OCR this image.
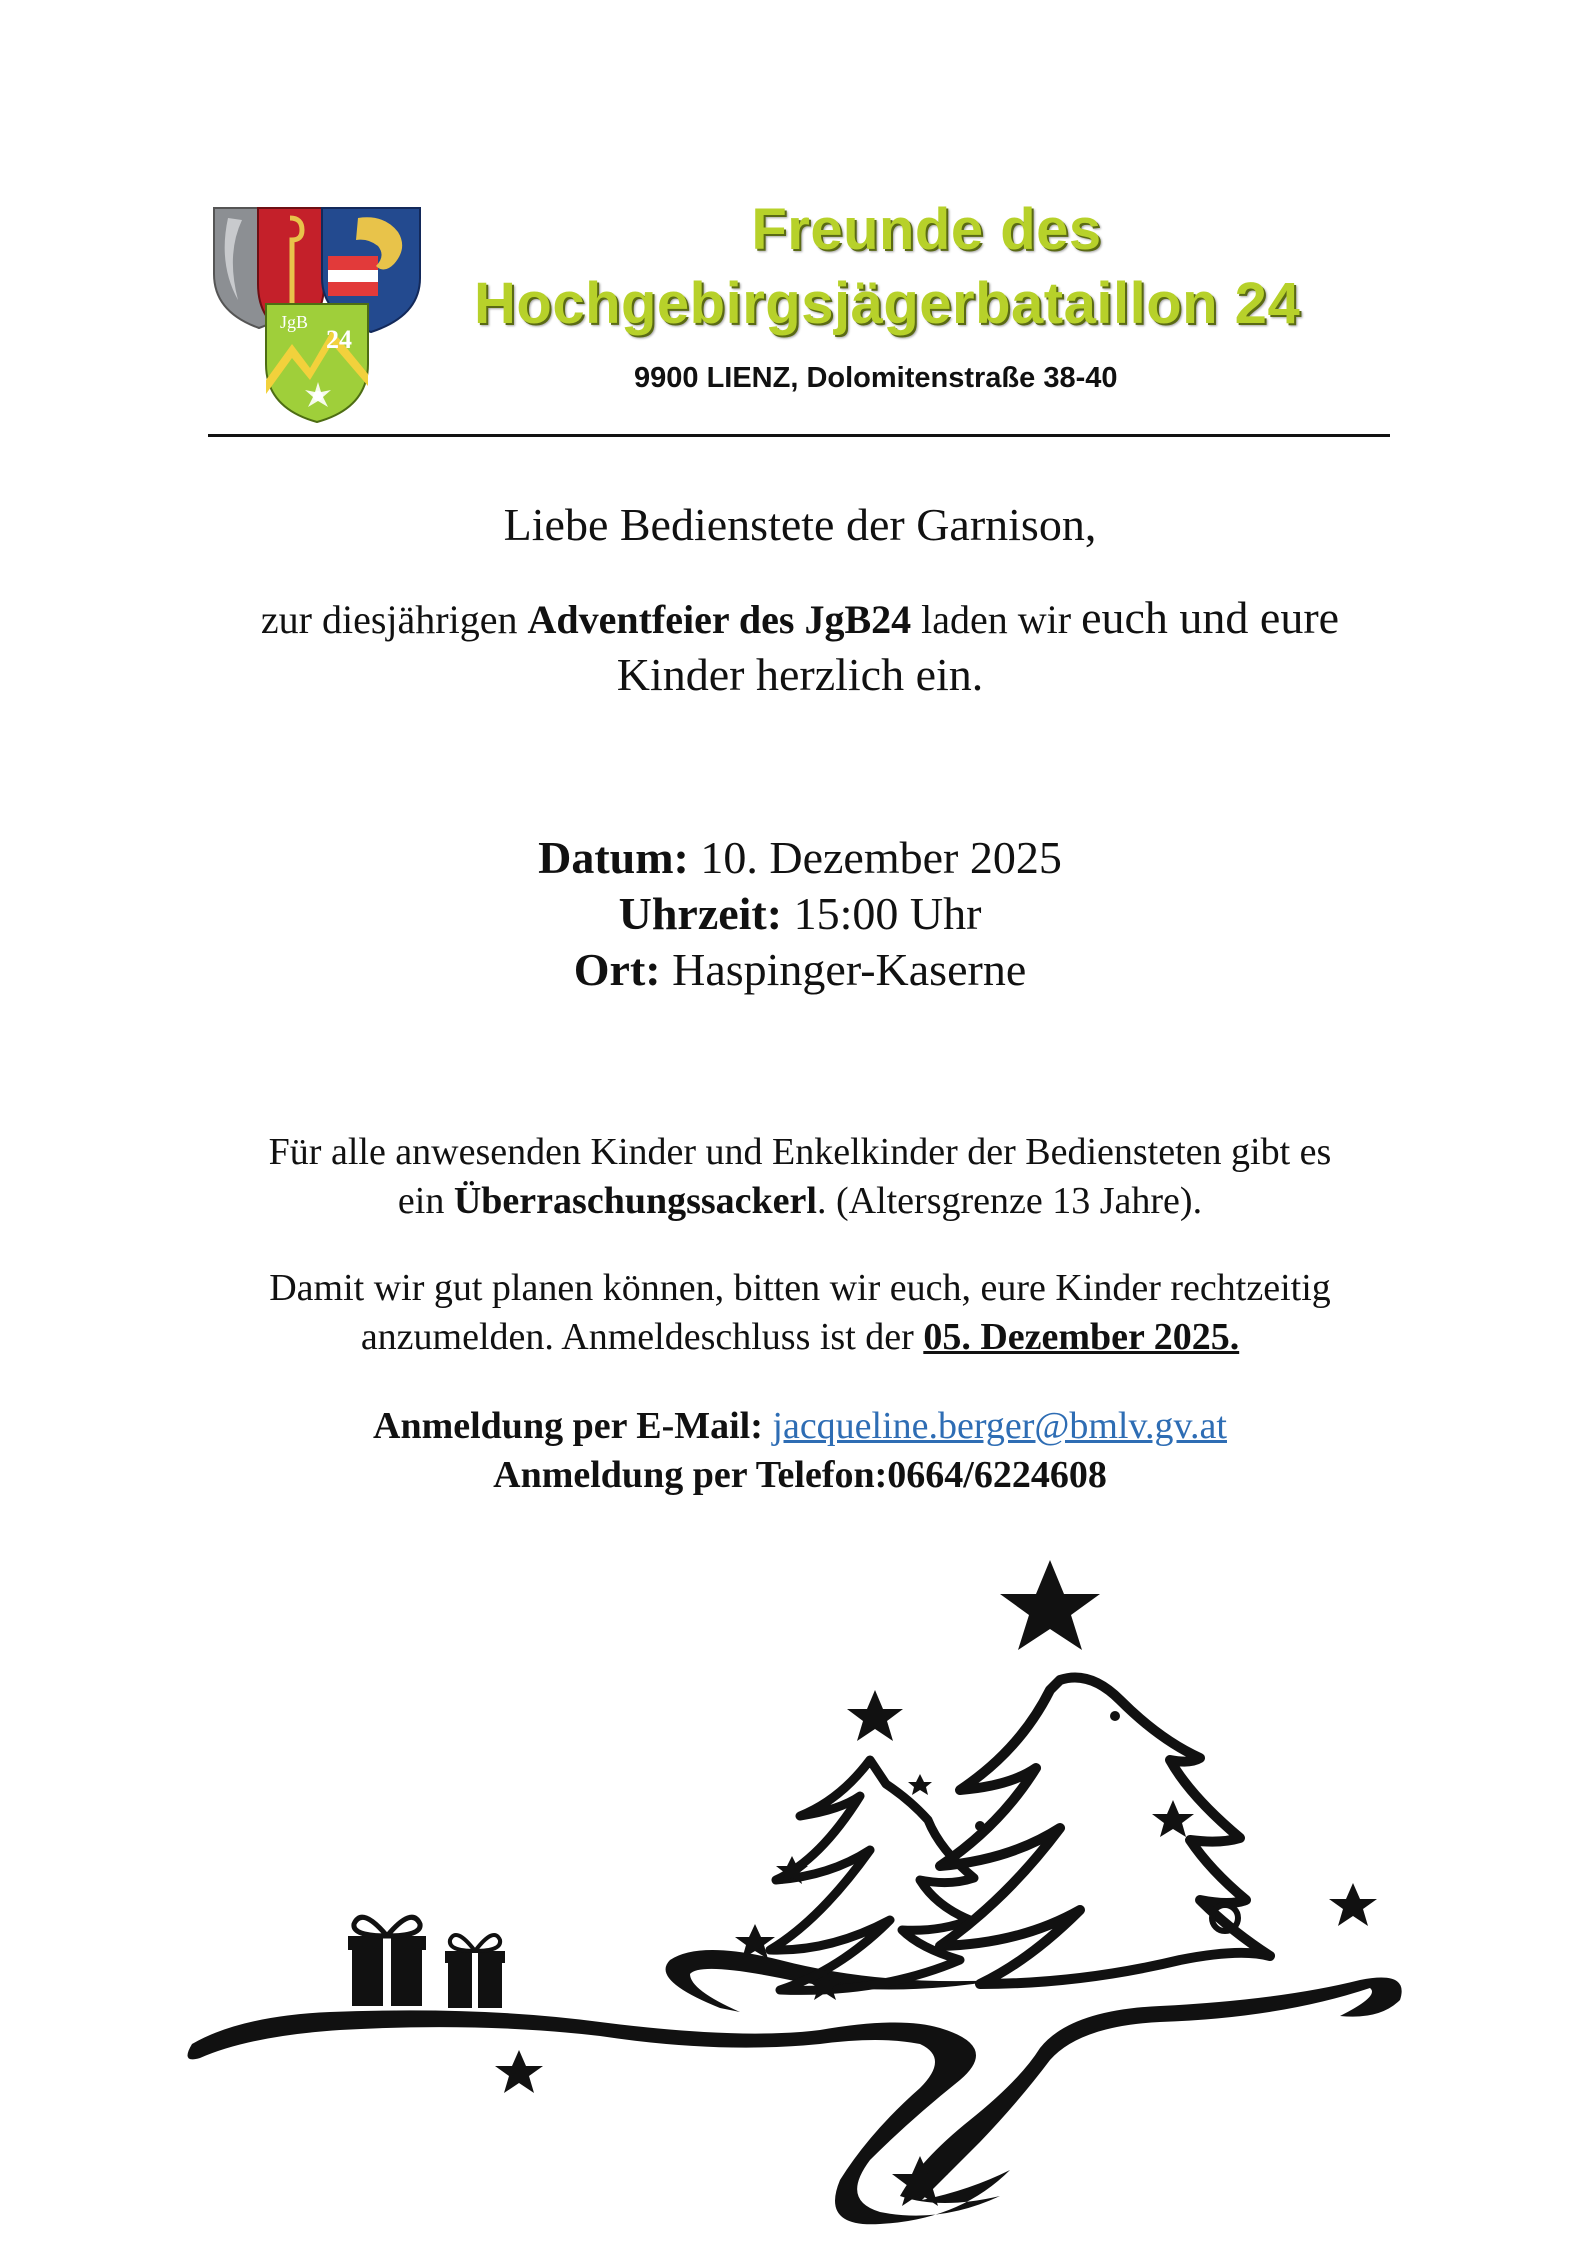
JgB
24
Freunde des
Hochgebirgsjägerbataillon 24
9900 LIENZ, Dolomitenstraße 38-40
Liebe Bedienstete der Garnison,
zur diesjährigen Adventfeier des JgB24 laden wir euch und eure
Kinder herzlich ein.
Datum: 10. Dezember 2025
Uhrzeit: 15:00 Uhr
Ort: Haspinger-Kaserne
Für alle anwesenden Kinder und Enkelkinder der Bediensteten gibt es
ein Überraschungssackerl. (Altersgrenze 13 Jahre).
Damit wir gut planen können, bitten wir euch, eure Kinder rechtzeitig
anzumelden. Anmeldeschluss ist der 05. Dezember 2025.
Anmeldung per E-Mail: jacqueline.berger@bmlv.gv.at
Anmeldung per Telefon:0664/6224608
